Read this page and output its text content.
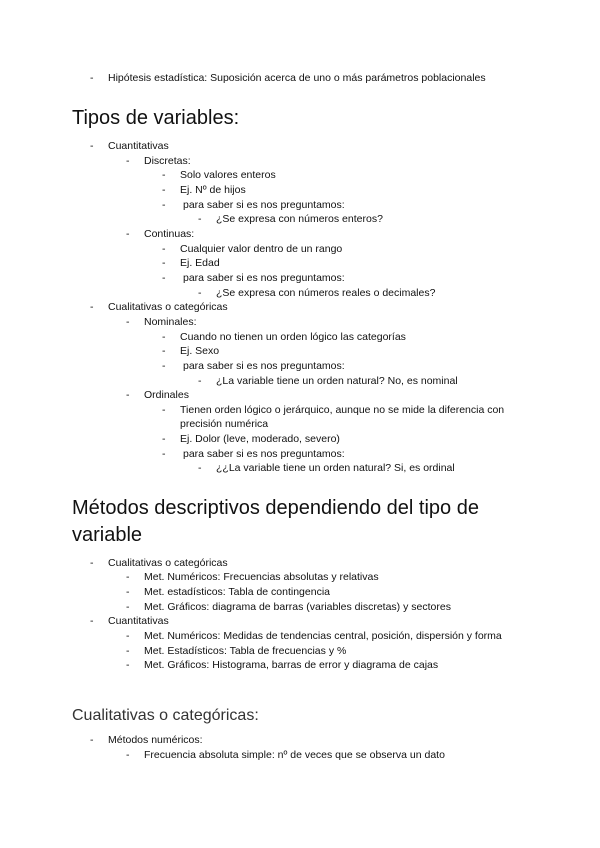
- Hipótesis estadística: Suposición acerca de uno o más parámetros poblacionales
Tipos de variables:
- Cuantitativas
- Discretas:
- Solo valores enteros
- Ej. Nº de hijos
- para saber si es nos preguntamos:
- ¿Se expresa con números enteros?
- Continuas:
- Cualquier valor dentro de un rango
- Ej. Edad
- para saber si es nos preguntamos:
- ¿Se expresa con números reales o decimales?
- Cualitativas o categóricas
- Nominales:
- Cuando no tienen un orden lógico las categorías
- Ej. Sexo
- para saber si es nos preguntamos:
- ¿La variable tiene un orden natural? No, es nominal
- Ordinales
- Tienen orden lógico o jerárquico, aunque no se mide la diferencia con precisión numérica
- Ej. Dolor (leve, moderado, severo)
- para saber si es nos preguntamos:
- ¿¿La variable tiene un orden natural? Si, es ordinal
Métodos descriptivos dependiendo del tipo de variable
- Cualitativas o categóricas
- Met. Numéricos: Frecuencias absolutas y relativas
- Met. estadísticos: Tabla de contingencia
- Met. Gráficos: diagrama de barras (variables discretas) y sectores
- Cuantitativas
- Met. Numéricos: Medidas de tendencias central, posición, dispersión y forma
- Met. Estadísticos: Tabla de frecuencias y %
- Met. Gráficos: Histograma, barras de error y diagrama de cajas
Cualitativas o categóricas:
- Métodos numéricos:
- Frecuencia absoluta simple: nº de veces que se observa un dato
